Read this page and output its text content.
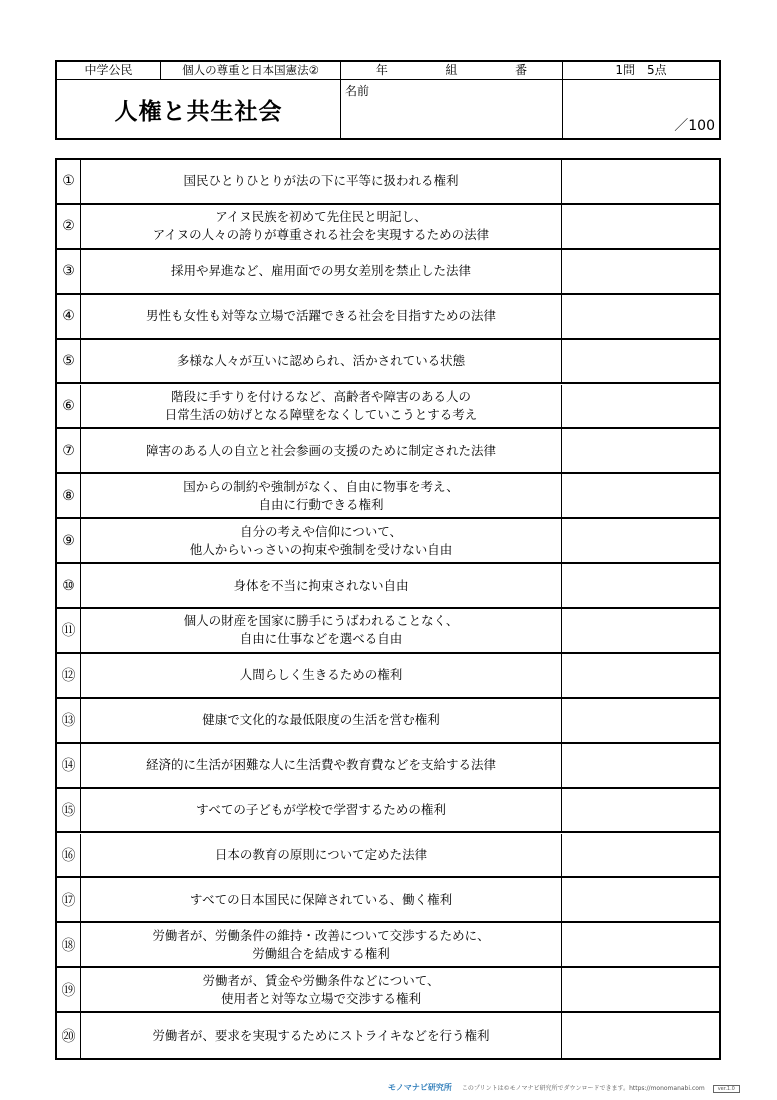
中学公民	個人の尊重と日本国憲法②	年	組	番	1問　5点
人権と共生社会
名前
／100
①	国民ひとりひとりが法の下に平等に扱われる権利
②
アイヌ民族を初めて先住民と明記し、
アイヌの人々の誇りが尊重される社会を実現するための法律
③	採用や昇進など、雇用面での男女差別を禁止した法律
④	男性も女性も対等な立場で活躍できる社会を目指すための法律
⑤	多様な人々が互いに認められ、活かされている状態
⑥
階段に手すりを付けるなど、高齢者や障害のある人の
日常生活の妨げとなる障壁をなくしていこうとする考え
⑦	障害のある人の自立と社会参画の支援のために制定された法律
⑧
国からの制約や強制がなく、自由に物事を考え、
自由に行動できる権利
⑨
自分の考えや信仰について、
他人からいっさいの拘束や強制を受けない自由
⑩	身体を不当に拘束されない自由
⑪
個人の財産を国家に勝手にうばわれることなく、
自由に仕事などを選べる自由
⑫	人間らしく生きるための権利
⑬	健康で文化的な最低限度の生活を営む権利
⑭	経済的に生活が困難な人に生活費や教育費などを支給する法律
⑮	すべての子どもが学校で学習するための権利
⑯	日本の教育の原則について定めた法律
⑰	すべての日本国民に保障されている、働く権利
⑱
労働者が、労働条件の維持・改善について交渉するために、
労働組合を結成する権利
⑲
労働者が、賃金や労働条件などについて、
使用者と対等な立場で交渉する権利
⑳	労働者が、要求を実現するためにストライキなどを行う権利
モノマナビ研究所 このプリントは©モノマナビ研究所でダウンロードできます。https://monomanabi.com	ver.1.0
